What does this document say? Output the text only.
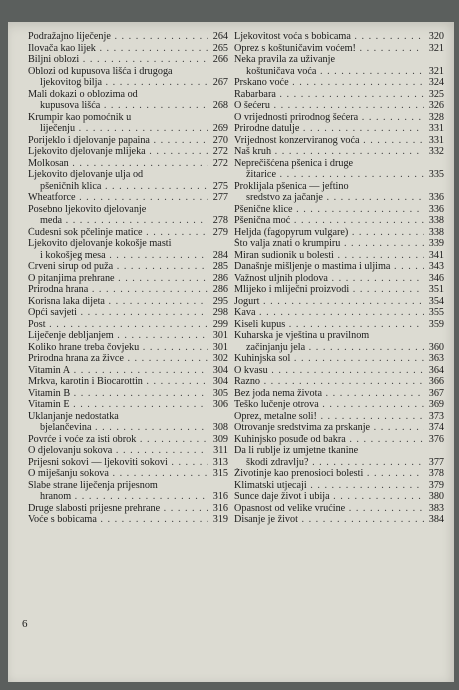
Podražajno liječenje . . .	264
Ilovača kao lijek . . .	265
Biljni oblozi . . .	266
Oblozi od kupusova lišća i drugoga
ljekovitog bilja . . .	267
Mali dokazi o oblozima od
kupusova lišća . . .	268
Krumpir kao pomoćnik u
liječenju . . .	269
Porijeklo i djelovanje papaina . . .	270
Ljekovito djelovanje mlijeka . . .	272
Molkosan . . .	272
Ljekovito djelovanje ulja od
pšeničnih klica . . .	275
Wheatforce . . .	277
Posebno ljekovito djelovanje
meda . . .	278
Čudesni sok pčelinje matice . . .	279
Ljekovito djelovanje kokošje masti
i kokošjeg mesa . . .	284
Crveni sirup od puža . . .	285
O pitanjima prehrane . . .	286
Prirodna hrana . . .	286
Korisna laka dijeta . . .	295
Opći savjeti . . .	298
Post . . .	299
Liječenje debljanjem . . .	301
Koliko hrane treba čovjeku . . .	301
Prirodna hrana za živce . . .	302
Vitamin A . . .	304
Mrkva, karotin i Biocarottin . . .	304
Vitamin B . . .	305
Vitamin E . . .	306
Uklanjanje nedostatka
bjelančevina . . .	308
Povrće i voće za isti obrok . . .	309
O djelovanju sokova . . .	311
Prijesni sokovi — ljekoviti sokovi . . .	313
O miješanju sokova . . .	315
Slabe strane liječenja prijesnom
hranom . . .	316
Druge slabosti prijesne prehrane . . .	316
Voće s bobicama . . .	319
Ljekovitost voća s bobicama . . .	320
Oprez s koštuničavim voćem! . . .	321
Neka pravila za uživanje
koštuničava voća . . .	321
Prskano voće . . .	324
Rabarbara . . .	325
O šećeru . . .	326
O vrijednosti prirodnog šećera . . .	328
Prirodne datulje . . .	331
Vrijednost konzerviranog voća . . .	331
Naš kruh . . .	332
Neprečišćena pšenica i druge
žitarice . . .	335
Proklijala pšenica — jeftino
sredstvo za jačanje . . .	336
Pšenične klice . . .	336
Pšenična moć . . .	338
Heljda (fagopyrum vulgare) . . .	338
Što valja znati o krumpiru . . .	339
Miran sudionik u bolesti . . .	341
Današnje mišljenje o mastima i uljima . . .	343
Važnost uljnih plodova . . .	346
Mlijeko i mliječni proizvodi . . .	351
Jogurt . . .	354
Kava . . .	355
Kiseli kupus . . .	359
Kuharska je vještina u pravilnom
začinjanju jela . . .	360
Kuhinjska sol . . .	363
O kvasu . . .	364
Razno . . .	366
Bez joda nema života . . .	367
Teško lučenje otrova . . .	369
Oprez, metalne soli! . . .	373
Otrovanje sredstvima za prskanje . . .	374
Kuhinjsko posuđe od bakra . . .	376
Da li rublje iz umjetne tkanine
škodi zdravlju? . . .	377
Životinje kao prenosioci bolesti . . .	378
Klimatski utjecaji . . .	379
Sunce daje život i ubija . . .	380
Opasnost od velike vrućine . . .	383
Disanje je život . . .	384
6
